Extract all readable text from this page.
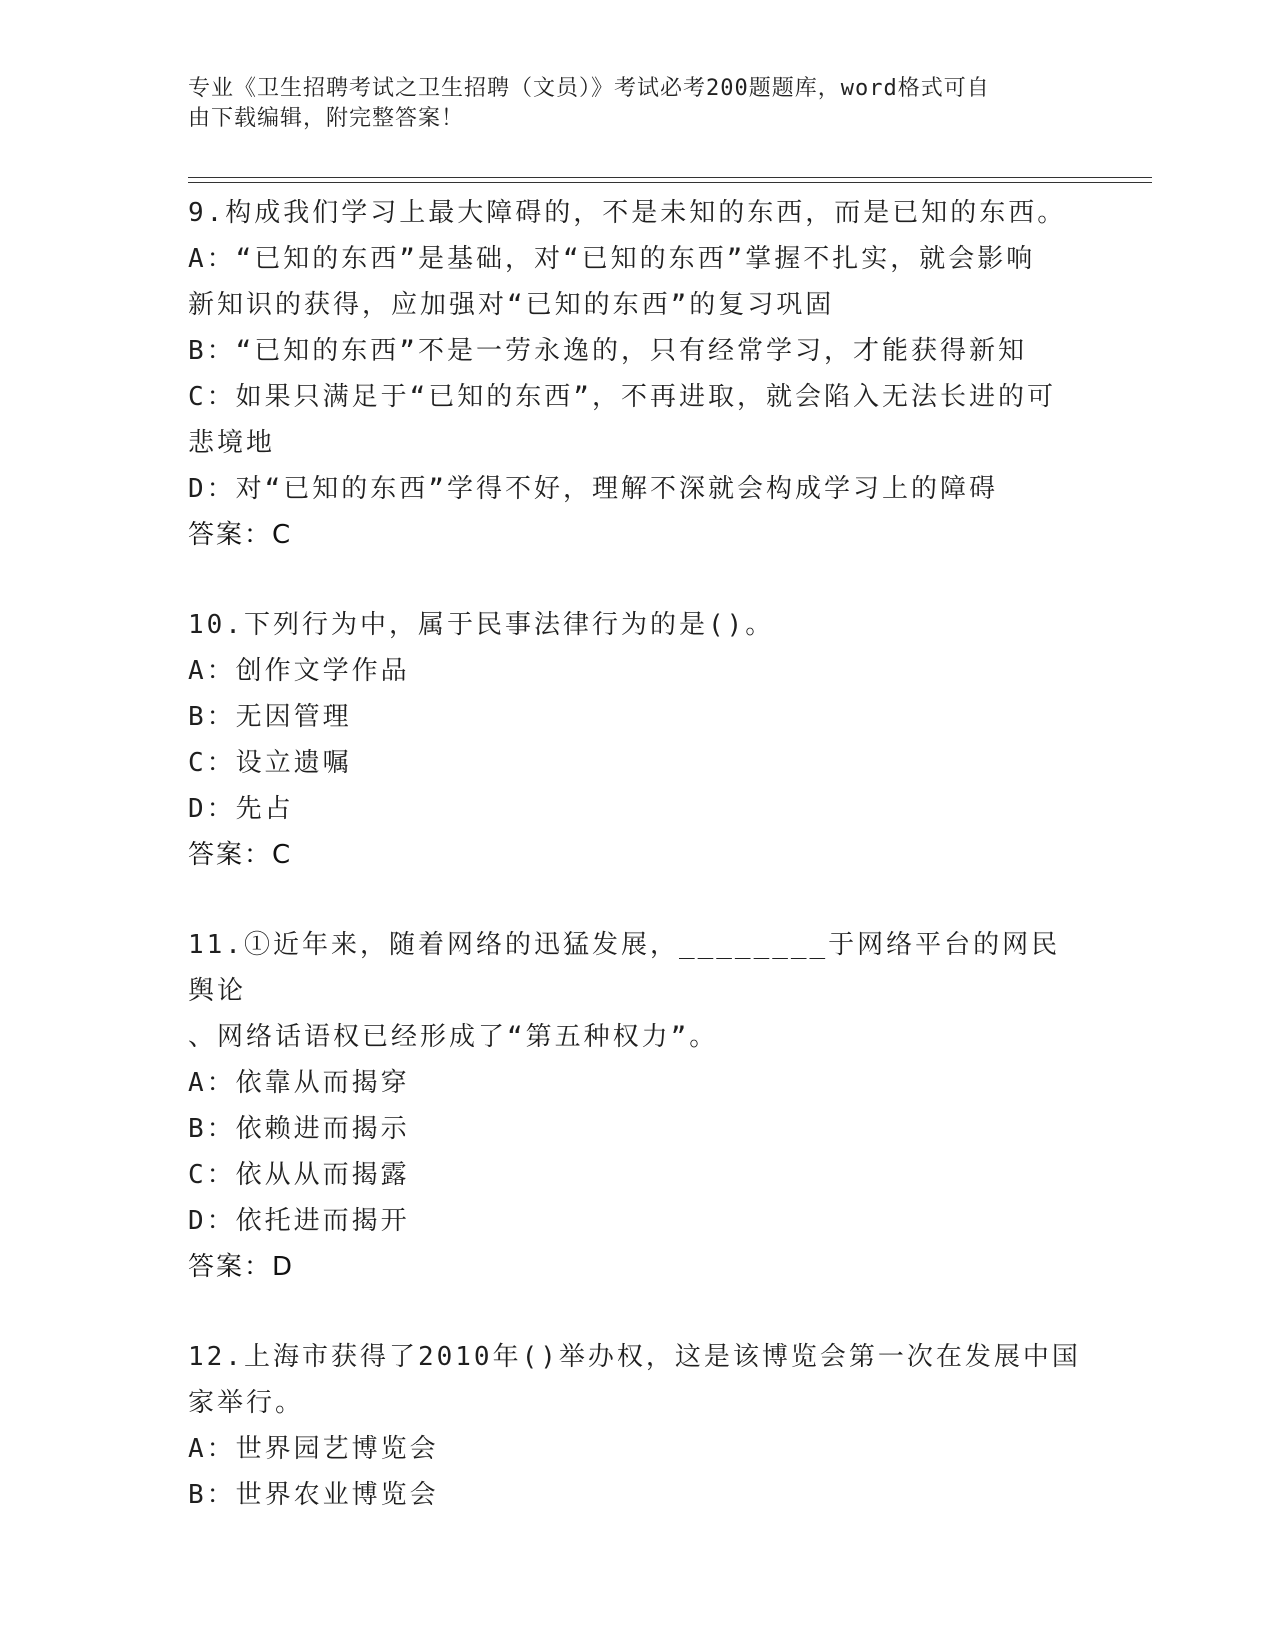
专业《卫生招聘考试之卫生招聘（文员）》考试必考200题题库，word格式可自
由下载编辑，附完整答案！
9.构成我们学习上最大障碍的，不是未知的东西，而是已知的东西。
A：“已知的东西”是基础，对“已知的东西”掌握不扎实，就会影响
新知识的获得，应加强对“已知的东西”的复习巩固
B：“已知的东西”不是一劳永逸的，只有经常学习，才能获得新知
C：如果只满足于“已知的东西”，不再进取，就会陷入无法长进的可
悲境地
D：对“已知的东西”学得不好，理解不深就会构成学习上的障碍
答案：C
10.下列行为中，属于民事法律行为的是()。
A：创作文学作品
B：无因管理
C：设立遗嘱
D：先占
答案：C
11.①近年来，随着网络的迅猛发展，________于网络平台的网民舆论
、网络话语权已经形成了“第五种权力”。
A：依靠从而揭穿
B：依赖进而揭示
C：依从从而揭露
D：依托进而揭开
答案：D
12.上海市获得了2010年()举办权，这是该博览会第一次在发展中国
家举行。
A：世界园艺博览会
B：世界农业博览会
